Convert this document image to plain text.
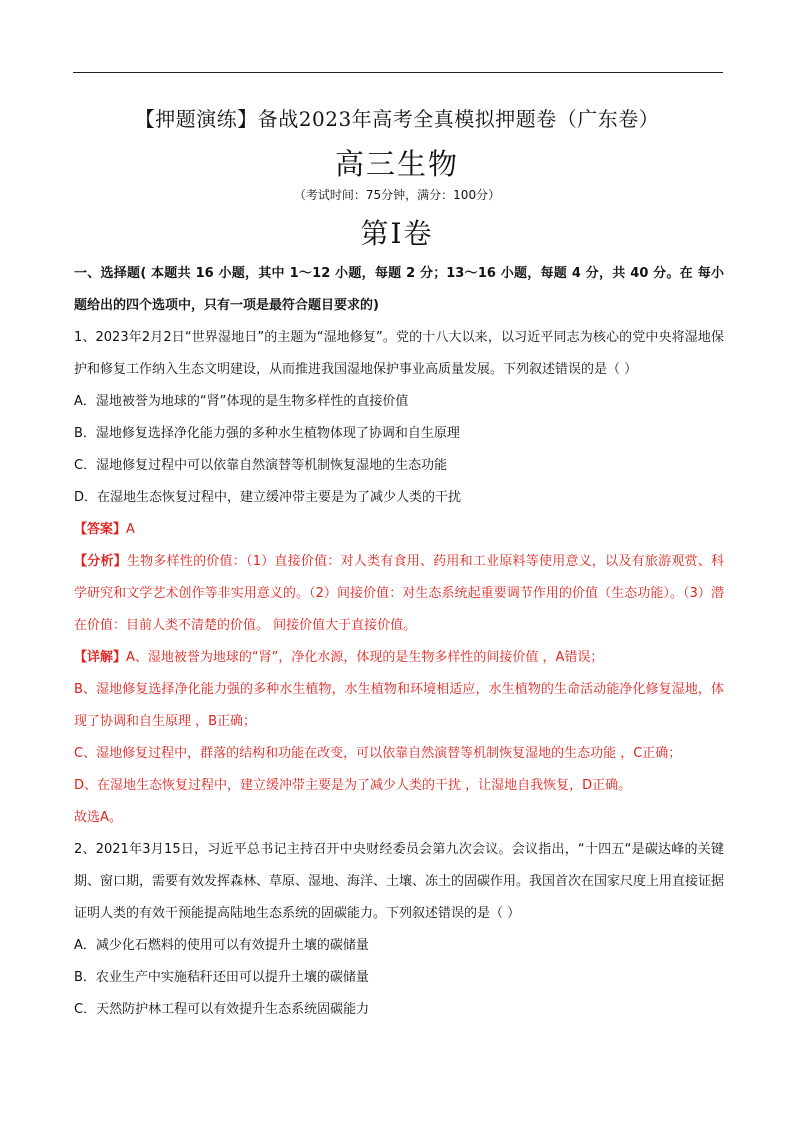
【押题演练】备战2023年高考全真模拟押题卷（广东卷）
高三生物
（考试时间：75分钟，满分：100分）
第I卷

一、选择题( 本题共 16 小题，其中 1～12 小题，每题 2 分；13～16 小题，每题 4 分，共 40 分。在 每小题给出的四个选项中，只有一项是最符合题目要求的)

1、2023年2月2日“世界湿地日”的主题为“湿地修复”。党的十八大以来，以习近平同志为核心的党中央将湿地保护和修复工作纳入生态文明建设，从而推进我国湿地保护事业高质量发展。下列叙述错误的是（ ）

A．湿地被誉为地球的“肾”体现的是生物多样性的直接价值

B．湿地修复选择净化能力强的多种水生植物体现了协调和自生原理

C．湿地修复过程中可以依靠自然演替等机制恢复湿地的生态功能

D．在湿地生态恢复过程中，建立缓冲带主要是为了减少人类的干扰

【答案】A

【分析】生物多样性的价值：（1）直接价值：对人类有食用、药用和工业原料等使用意义，以及有旅游观赏、科学研究和文学艺术创作等非实用意义的。（2）间接价值：对生态系统起重要调节作用的价值（生态功能）。（3）潜在价值：目前人类不清楚的价值。 间接价值大于直接价值。

【详解】A、湿地被誉为地球的“肾”，净化水源，体现的是生物多样性的间接价值 ，A错误；

B、湿地修复选择净化能力强的多种水生植物，水生植物和环境相适应，水生植物的生命活动能净化修复湿地，体现了协调和自生原理 ，B正确；

C、湿地修复过程中，群落的结构和功能在改变，可以依靠自然演替等机制恢复湿地的生态功能 ，C正确；

D、在湿地生态恢复过程中，建立缓冲带主要是为了减少人类的干扰 ，让湿地自我恢复，D正确。

故选A。

2、2021年3月15日，习近平总书记主持召开中央财经委员会第九次会议。会议指出，“十四五“是碳达峰的关键期、窗口期，需要有效发挥森林、草原、湿地、海洋、土壤、冻土的固碳作用。我国首次在国家尺度上用直接证据证明人类的有效干预能提高陆地生态系统的固碳能力。下列叙述错误的是（ ）

A．减少化石燃料的使用可以有效提升土壤的碳储量

B．农业生产中实施秸秆还田可以提升土壤的碳储量

C．天然防护林工程可以有效提升生态系统固碳能力
